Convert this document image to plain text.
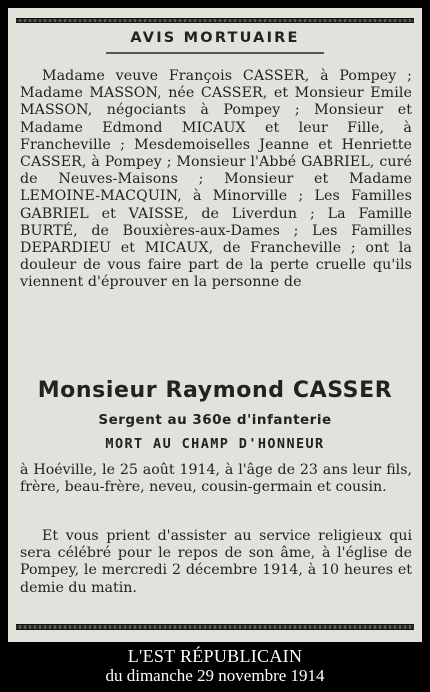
AVIS MORTUAIRE

Madame veuve François CASSER, à Pompey ; Madame MASSON, née CASSER, et Monsieur Emile MASSON, négociants à Pompey ; Monsieur et Madame Edmond MICAUX et leur Fille, à Francheville ; Mesdemoiselles Jeanne et Henriette CASSER, à Pompey ; Monsieur l'Abbé GABRIEL, curé de Neuves-Maisons ; Monsieur et Madame LEMOINE-MACQUIN, à Minorville ; Les Familles GABRIEL et VAISSE, de Liverdun ; La Famille BURTÉ, de Bouxières-aux-Dames ; Les Familles DEPARDIEU et MICAUX, de Francheville ; ont la douleur de vous faire part de la perte cruelle qu'ils viennent d'éprouver en la personne de

Monsieur Raymond CASSER
Sergent au 360e d'infanterie
MORT AU CHAMP D'HONNEUR

à Hoéville, le 25 août 1914, à l'âge de 23 ans leur fils, frère, beau-frère, neveu, cousin-germain et cousin.

Et vous prient d'assister au service religieux qui sera célébré pour le repos de son âme, à l'église de Pompey, le mercredi 2 décembre 1914, à 10 heures et demie du matin.

L'EST RÉPUBLICAIN
du dimanche 29 novembre 1914
